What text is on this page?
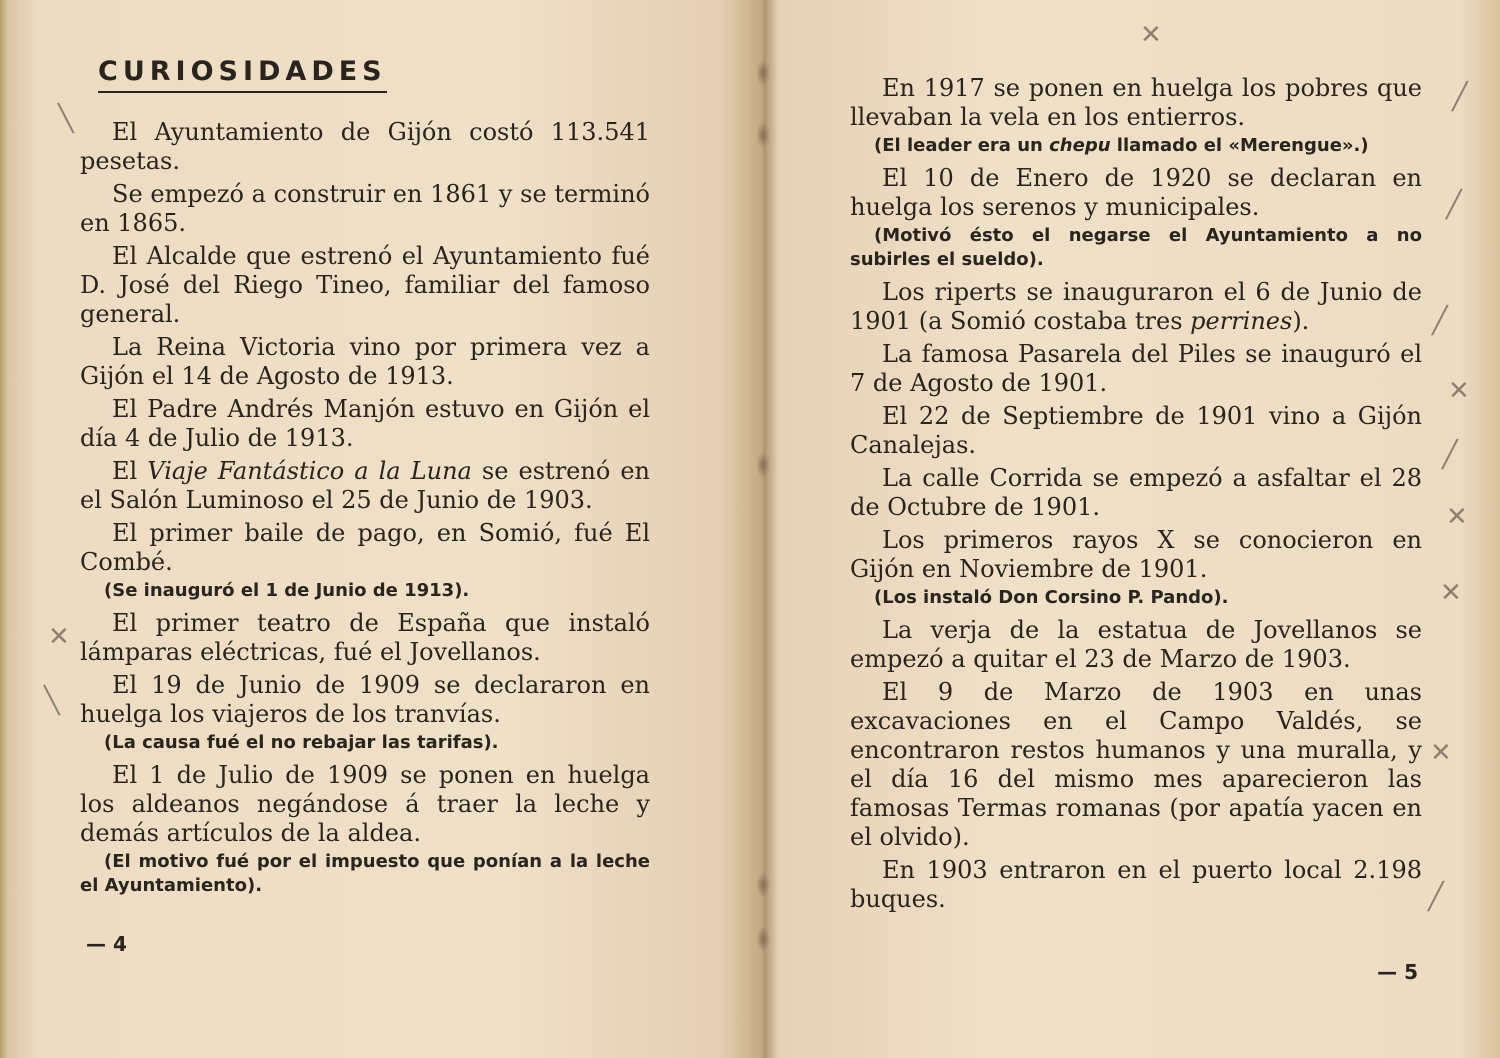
╲
✕
╲
✕
╱
╱
╱
✕
╱
✕
✕
✕
╱
CURIOSIDADES

El Ayuntamiento de Gijón costó 113.541 pesetas.

Se empezó a construir en 1861 y se terminó en 1865.

El Alcalde que estrenó el Ayuntamiento fué D. José del Riego Tineo, familiar del famoso general.

La Reina Victoria vino por primera vez a Gijón el 14 de Agosto de 1913.

El Padre Andrés Manjón estuvo en Gijón el día 4 de Julio de 1913.

El Viaje Fantástico a la Luna se estrenó en el Salón Luminoso el 25 de Junio de 1903.

El primer baile de pago, en Somió, fué El Combé.

(Se inauguró el 1 de Junio de 1913).

El primer teatro de España que instaló lámparas eléctricas, fué el Jovellanos.

El 19 de Junio de 1909 se declararon en huelga los viajeros de los tranvías.

(La causa fué el no rebajar las tarifas).

El 1 de Julio de 1909 se ponen en huelga los aldeanos negándose á traer la leche y demás artículos de la aldea.

(El motivo fué por el impuesto que ponían a la leche el Ayuntamiento).

— 4

En 1917 se ponen en huelga los pobres que llevaban la vela en los entierros.

(El leader era un chepu llamado el «Merengue».)

El 10 de Enero de 1920 se declaran en huelga los serenos y municipales.

(Motivó ésto el negarse el Ayuntamiento a no subirles el sueldo).

Los riperts se inauguraron el 6 de Junio de 1901 (a Somió costaba tres perrines).

La famosa Pasarela del Piles se inauguró el 7 de Agosto de 1901.

El 22 de Septiembre de 1901 vino a Gijón Canalejas.

La calle Corrida se empezó a asfaltar el 28 de Octubre de 1901.

Los primeros rayos X se conocieron en Gijón en Noviembre de 1901.

(Los instaló Don Corsino P. Pando).

La verja de la estatua de Jovellanos se empezó a quitar el 23 de Marzo de 1903.

El 9 de Marzo de 1903 en unas excavaciones en el Campo Valdés, se encontraron restos humanos y una muralla, y el día 16 del mismo mes aparecieron las famosas Termas romanas (por apatía yacen en el olvido).

En 1903 entraron en el puerto local 2.198 buques.

— 5
